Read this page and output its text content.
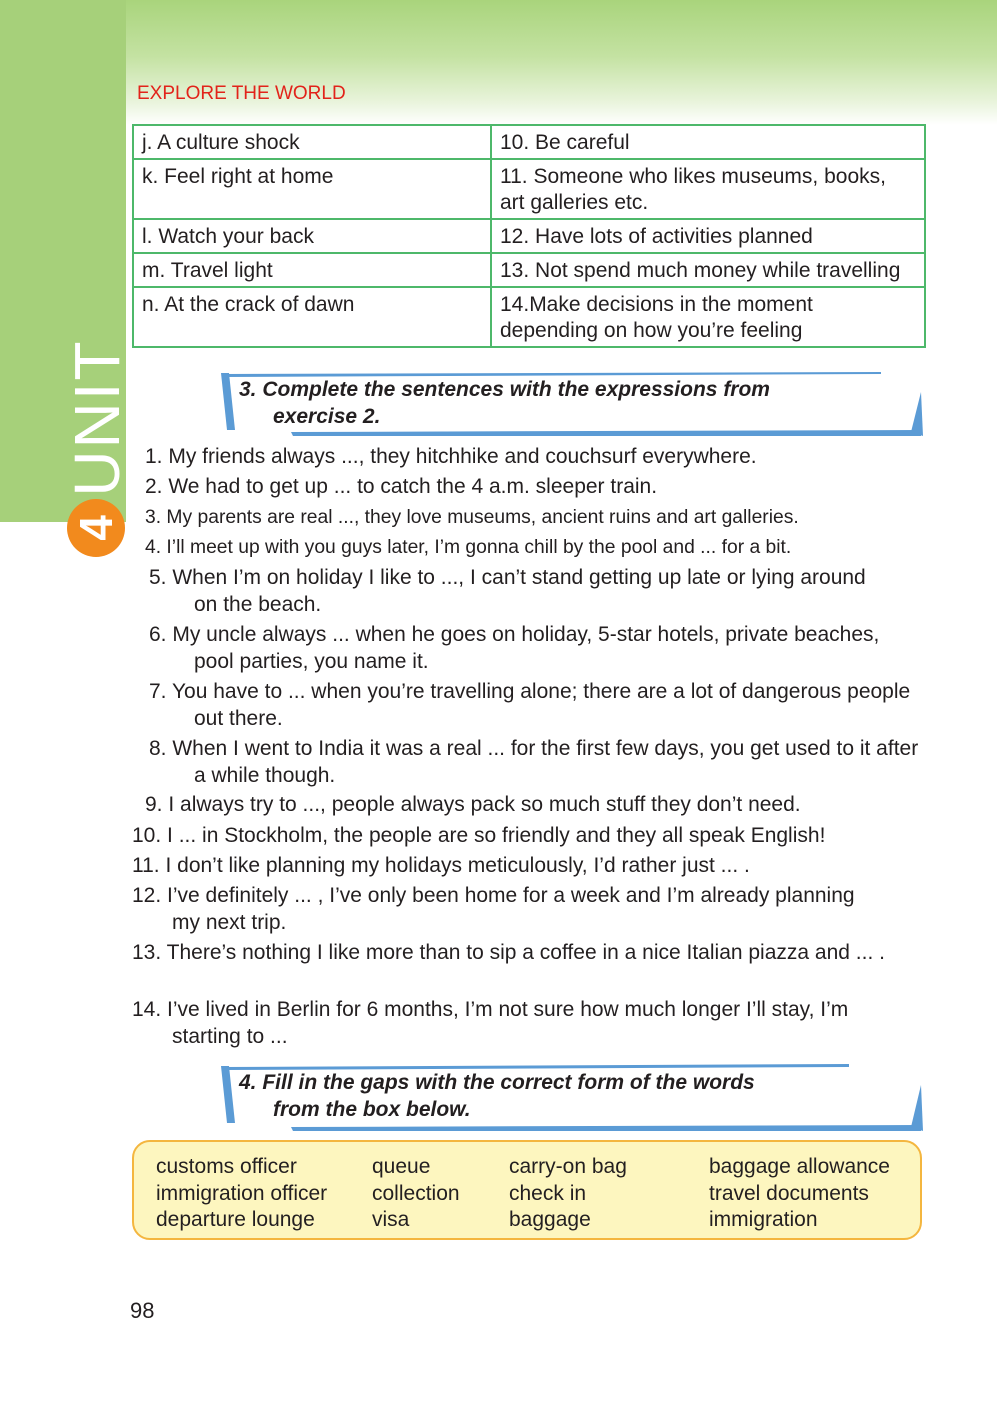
UNIT
4
EXPLORE THE WORLD
j. A culture shock	10. Be careful
k. Feel right at home	11. Someone who likes museums, books, art galleries etc.
l. Watch your back	12. Have lots of activities planned
m. Travel light	13. Not spend much money while travelling
n. At the crack of dawn	14.Make decisions in the moment depending on how you’re feeling
3. Complete the sentences with the expressions from
exercise 2.
1. My friends always ..., they hitchhike and couchsurf everywhere.
2. We had to get up ... to catch the 4 a.m. sleeper train.
3. My parents are real ..., they love museums, ancient ruins and art galleries.
4. I’ll meet up with you guys later, I’m gonna chill by the pool and ... for a bit.
5. When I’m on holiday I like to ..., I can’t stand getting up late or lying around on the beach.
6. My uncle always ... when he goes on holiday, 5-star hotels, private beaches, pool parties, you name it.
7. You have to ... when you’re travelling alone; there are a lot of dangerous people out there.
8. When I went to India it was a real ... for the first few days, you get used to it after a while though.
9. I always try to ..., people always pack so much stuff they don’t need.
10. I ... in Stockholm, the people are so friendly and they all speak English!
11. I don’t like planning my holidays meticulously, I’d rather just ... .
12. I’ve definitely ... , I’ve only been home for a week and I’m already planning my next trip.
13. There’s nothing I like more than to sip a coffee in a nice Italian piazza and ... .
14. I’ve lived in Berlin for 6 months, I’m not sure how much longer I’ll stay, I’m starting to ...
4. Fill in the gaps with the correct form of the words
from the box below.
customs officer
immigration officer
departure lounge
queue
collection
visa
carry-on bag
check in
baggage
baggage allowance
travel documents
immigration
98
